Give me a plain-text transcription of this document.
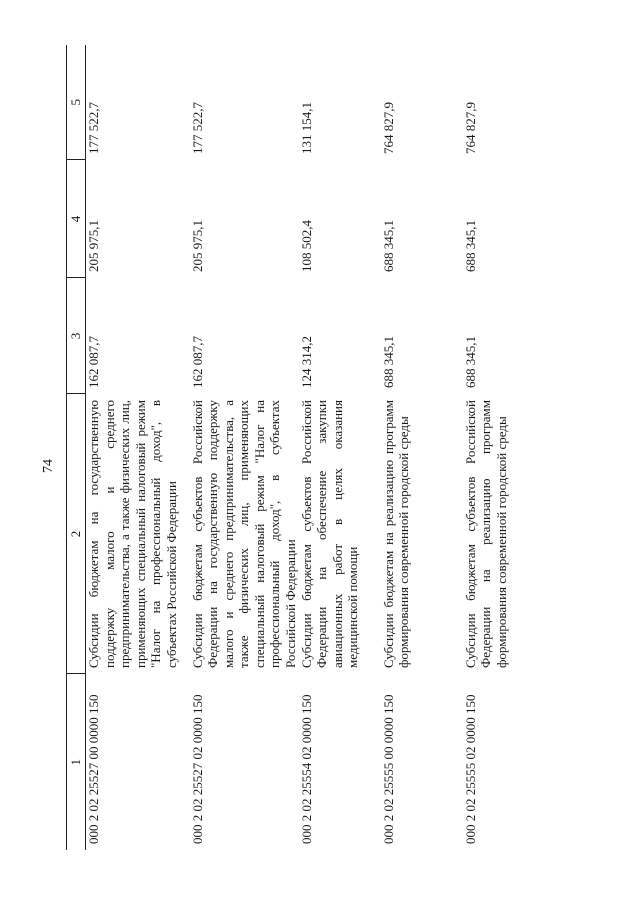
74
1	2	3	4	5
000 2 02 25527 00 0000 150	Субсидии бюджетам на государственную поддержку малого и среднего предпринимательства, а также физических лиц, применяющих специальный налоговый режим "Налог на профессиональный доход", в субъектах Российской Федерации	162 087,7	205 975,1	177 522,7
000 2 02 25527 02 0000 150	Субсидии бюджетам субъектов Российской Федерации на государственную поддержку малого и среднего предпринимательства, а также физических лиц, применяющих специальный налоговый режим "Налог на профессиональный доход", в субъектах Российской Федерации	162 087,7	205 975,1	177 522,7
000 2 02 25554 02 0000 150	Субсидии бюджетам субъектов Российской Федерации на обеспечение закупки авиационных работ в целях оказания медицинской помощи	124 314,2	108 502,4	131 154,1
000 2 02 25555 00 0000 150	Субсидии бюджетам на реализацию программ формирования современной городской среды	688 345,1	688 345,1	764 827,9
000 2 02 25555 02 0000 150	Субсидии бюджетам субъектов Российской Федерации на реализацию программ формирования современной городской среды	688 345,1	688 345,1	764 827,9
